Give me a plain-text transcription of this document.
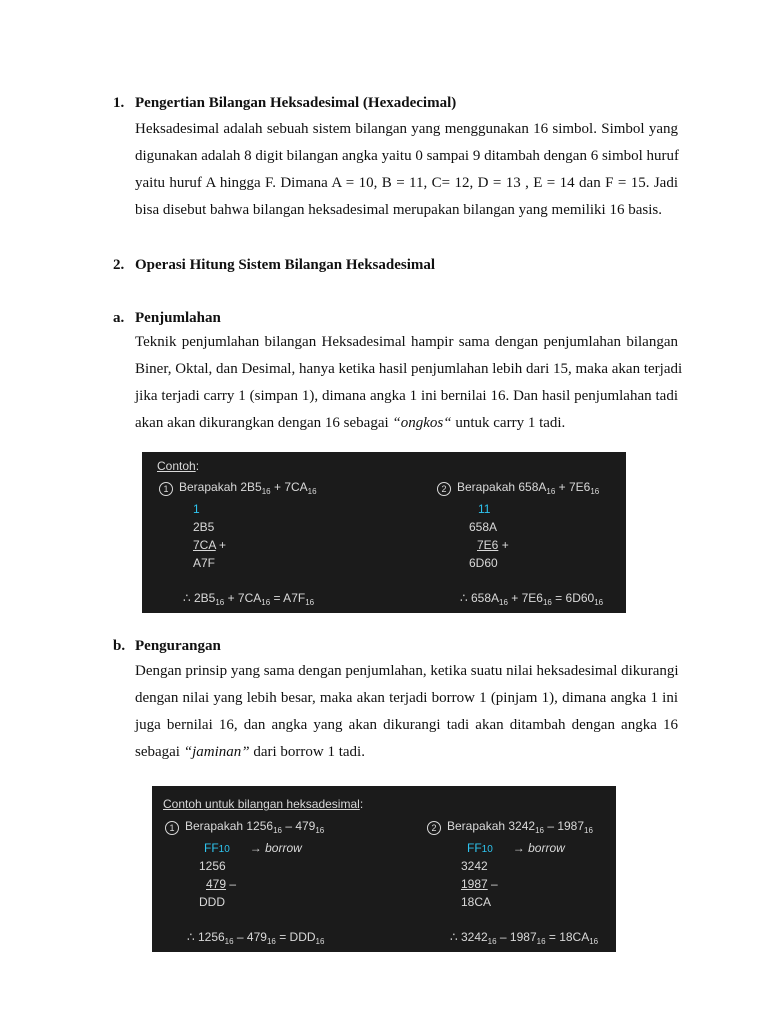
1. Pengertian Bilangan Heksadesimal (Hexadecimal)
Heksadesimal adalah sebuah sistem bilangan yang menggunakan 16 simbol. Simbol yang
digunakan adalah 8 digit bilangan angka yaitu 0 sampai 9 ditambah dengan 6 simbol huruf
yaitu huruf A hingga F. Dimana A = 10, B = 11, C= 12, D = 13 , E = 14 dan F = 15. Jadi
bisa disebut bahwa bilangan heksadesimal merupakan bilangan yang memiliki 16 basis.
2. Operasi Hitung Sistem Bilangan Heksadesimal
a. Penjumlahan
Teknik penjumlahan bilangan Heksadesimal hampir sama dengan penjumlahan bilangan
Biner, Oktal, dan Desimal, hanya ketika hasil penjumlahan lebih dari 15, maka akan terjadi
jika terjadi carry 1 (simpan 1), dimana angka 1 ini bernilai 16. Dan hasil penjumlahan tadi
akan akan dikurangkan dengan 16 sebagai “ongkos“ untuk carry 1 tadi.
Contoh:
1 Berapakah $2B5_{16} + 7CA_{16}$
1
2B5
7CA +
A7F
∴ $2B5_{16} + 7CA_{16} = A7F_{16}$
2 Berapakah $658A_{16} + 7E6_{16}$
11
658A
7E6 +
6D60
∴ $658A_{16} + 7E6_{16} = 6D60_{16}$
b. Pengurangan
Dengan prinsip yang sama dengan penjumlahan, ketika suatu nilai heksadesimal dikurangi
dengan nilai yang lebih besar, maka akan terjadi borrow 1 (pinjam 1), dimana angka 1 ini
juga bernilai 16, dan angka yang akan dikurangi tadi akan ditambah dengan angka 16
sebagai “jaminan” dari borrow 1 tadi.
Contoh untuk bilangan heksadesimal:
1 Berapakah $1256_{16} - 479_{16}$
FF10 → borrow
1256
479 –
DDD
∴ $1256_{16} - 479_{16} = DDD_{16}$
2 Berapakah $3242_{16} - 1987_{16}$
FF10 → borrow
3242
1987 –
18CA
∴ $3242_{16} - 1987_{16} = 18CA_{16}$
